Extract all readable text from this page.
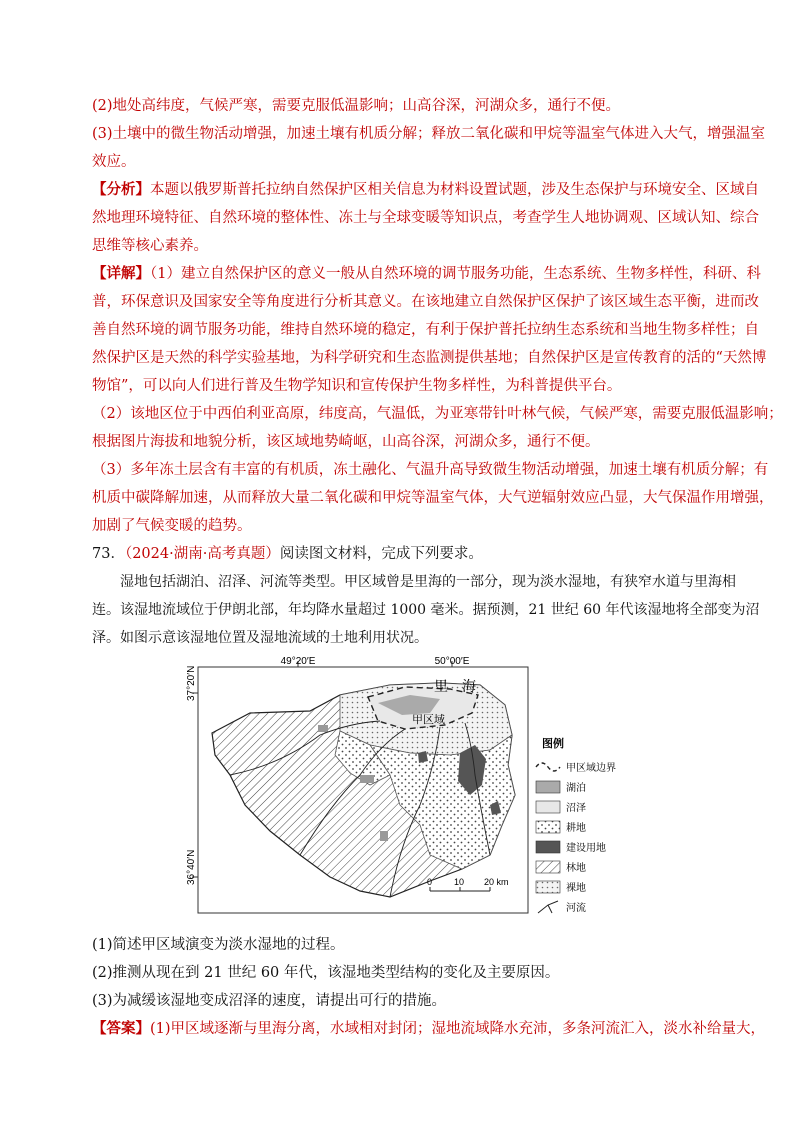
(2)地处高纬度，气候严寒，需要克服低温影响；山高谷深，河湖众多，通行不便。
(3)土壤中的微生物活动增强，加速土壤有机质分解；释放二氧化碳和甲烷等温室气体进入大气，增强温室
效应。
【分析】本题以俄罗斯普托拉纳自然保护区相关信息为材料设置试题，涉及生态保护与环境安全、区域自
然地理环境特征、自然环境的整体性、冻土与全球变暖等知识点，考查学生人地协调观、区域认知、综合
思维等核心素养。
【详解】（1）建立自然保护区的意义一般从自然环境的调节服务功能，生态系统、生物多样性，科研、科
普，环保意识及国家安全等角度进行分析其意义。在该地建立自然保护区保护了该区域生态平衡，进而改
善自然环境的调节服务功能，维持自然环境的稳定，有利于保护普托拉纳生态系统和当地生物多样性；自
然保护区是天然的科学实验基地，为科学研究和生态监测提供基地；自然保护区是宣传教育的活的“天然博
物馆”，可以向人们进行普及生物学知识和宣传保护生物多样性，为科普提供平台。
（2）该地区位于中西伯利亚高原，纬度高，气温低，为亚寒带针叶林气候，气候严寒，需要克服低温影响；
根据图片海拔和地貌分析，该区域地势崎岖，山高谷深，河湖众多，通行不便。
（3）多年冻土层含有丰富的有机质，冻土融化、气温升高导致微生物活动增强，加速土壤有机质分解；有
机质中碳降解加速，从而释放大量二氧化碳和甲烷等温室气体，大气逆辐射效应凸显，大气保温作用增强，
加剧了气候变暖的趋势。
73．（2024·湖南·高考真题）阅读图文材料，完成下列要求。
湿地包括湖泊、沼泽、河流等类型。甲区域曾是里海的一部分，现为淡水湿地，有狭窄水道与里海相
连。该湿地流域位于伊朗北部，年均降水量超过 1000 毫米。据预测，21 世纪 60 年代该湿地将全部变为沼
泽。如图示意该湿地位置及湿地流域的土地利用状况。
49°20′E	50°00′E
37°20′N
36°40′N
里　海
甲区域
0 10 20 km
图例
甲区域边界
湖泊
沼泽
耕地
建设用地
林地
裸地
河流
(1)简述甲区域演变为淡水湿地的过程。
(2)推测从现在到 21 世纪 60 年代，该湿地类型结构的变化及主要原因。
(3)为减缓该湿地变成沼泽的速度，请提出可行的措施。
【答案】(1)甲区域逐渐与里海分离，水域相对封闭；湿地流域降水充沛，多条河流汇入，淡水补给量大，
